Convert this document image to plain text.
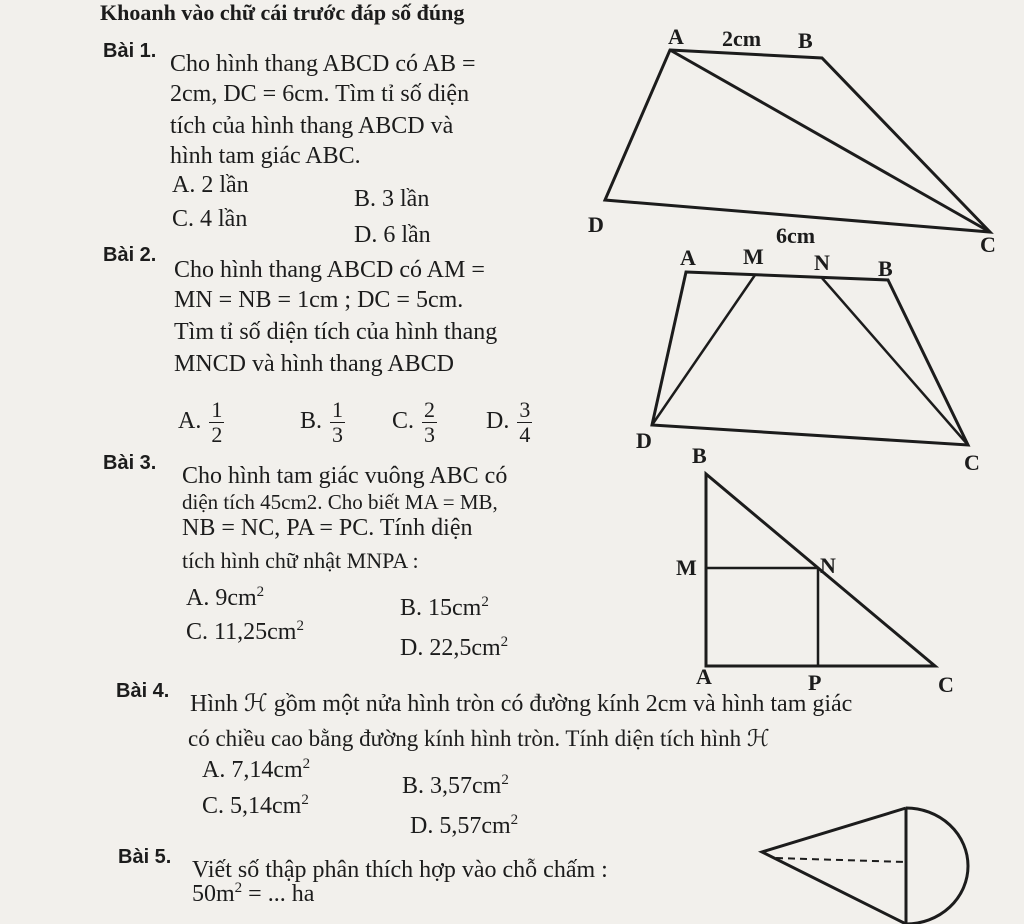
Khoanh vào chữ cái trước đáp số đúng
Bài 1. Cho hình thang ABCD có AB =
2cm, DC = 6cm. Tìm tỉ số diện
tích của hình thang ABCD và
hình tam giác ABC.
A. 2 lần
B. 3 lần
C. 4 lần
D. 6 lần
Bài 2.
Cho hình thang ABCD có AM =
MN = NB = 1cm ; DC = 5cm.
Tìm tỉ số diện tích của hình thang
MNCD và hình thang ABCD
A. $\frac{1}{2}$	B. $\frac{1}{3} C$. $\frac{2}{3} D$. $\frac{3}{4}$
Bài 3. Cho hình tam giác vuông ABC có
diện tích 45cm2. Cho biết MA = MB,
NB = NC, PA = PC. Tính diện
tích hình chữ nhật MNPA :
A. $9cm^2$
B. $15cm^2$
C. $11,25cm^2$
D. $22,5cm^2$
Bài 4. Hình ℋ gồm một nửa hình tròn có đường kính 2cm và hình tam giác
có chiều cao bằng đường kính hình tròn. Tính diện tích hình ℋ
A. $7,14cm^2$
B. $3,57cm^2$
C. $5,14cm^2$
D. $5,57cm^2$
Bài 5. Viết số thập phân thích hợp vào chỗ chấm :
$50m^2$ = ... ha
A 2cm B
D	6cm	C
A M N B
D
C
B
M	N
A	P	C
